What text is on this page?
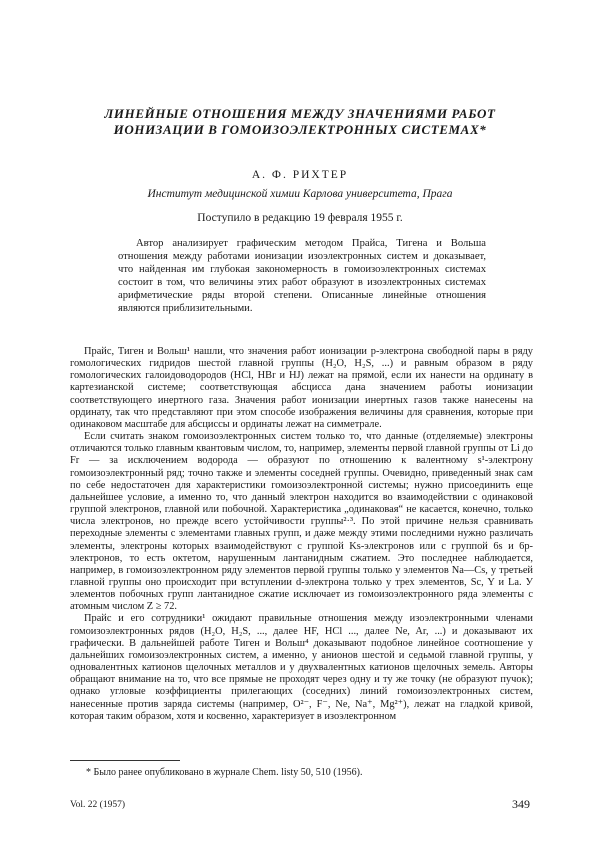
ЛИНЕЙНЫЕ ОТНОШЕНИЯ МЕЖДУ ЗНАЧЕНИЯМИ РАБОТ ИОНИЗАЦИИ В ГОМОИЗОЭЛЕКТРОННЫХ СИСТЕМАХ*
А. Ф. РИХТЕР
Институт медицинской химии Карлова университета, Прага
Поступило в редакцию 19 февраля 1955 г.
Автор анализирует графическим методом Прайса, Тигена и Вольша отношения между работами ионизации изоэлектронных систем и доказывает, что найденная им глубокая закономерность в гомоизоэлектронных системах состоит в том, что величины этих работ образуют в изоэлектронных системах арифметические ряды второй степени. Описанные линейные отношения являются приблизительными.

Прайс, Тиген и Вольш¹ нашли, что значения работ ионизации p-электрона свободной пары в ряду гомологических гидридов шестой главной группы (H₂O, H₂S, ...) и равным образом в ряду гомологических галоидоводородов (HCl, HBr и HJ) лежат на прямой, если их нанести на ординату в картезианской системе; соответствующая абсцисса дана значением работы ионизации соответствующего инертного газа. Значения работ ионизации инертных газов также нанесены на ординату, так что представляют при этом способе изображения величины для сравнения, которые при одинаковом масштабе для абсциссы и ординаты лежат на симметрале.

Если считать знаком гомоизоэлектронных систем только то, что данные (отделяемые) электроны отличаются только главным квантовым числом, то, например, элементы первой главной группы от Li до Fr — за исключением водорода — образуют по отношению к валентному s¹-электрону гомоизоэлектронный ряд; точно также и элементы соседней группы. Очевидно, приведенный знак сам по себе недостаточен для характеристики гомоизоэлектронной системы; нужно присоединить еще дальнейшее условие, а именно то, что данный электрон находится во взаимодействии с одинаковой группой электронов, главной или побочной. Характеристика „одинаковая“ не касается, конечно, только числа электронов, но прежде всего устойчивости группы²·³. По этой причине нельзя сравнивать переходные элементы с элементами главных групп, и даже между этими последними нужно различать элементы, электроны которых взаимодействуют с группой Ks-электронов или с группой 6s и 6p-электронов, то есть октетом, нарушенным лантанидным сжатием. Это последнее наблюдается, например, в гомоизоэлектронном ряду элементов первой группы только у элементов Na—Cs, у третьей главной группы оно происходит при вступлении d-электрона только у трех элементов, Sc, Y и La. У элементов побочных групп лантанидное сжатие исключает из гомоизоэлектронного ряда элементы с атомным числом Z ≥ 72.

Прайс и его сотрудники¹ ожидают правильные отношения между изоэлектронными членами гомоизоэлектронных рядов (H₂O, H₂S, ..., далее HF, HCl ..., далее Ne, Ar, ...) и доказывают их графически. В дальнейшей работе Тиген и Вольш⁴ доказывают подобное линейное соотношение у дальнейших гомоизоэлектронных систем, а именно, у анионов шестой и седьмой главной группы, у одновалентных катионов щелочных металлов и у двухвалентных катионов щелочных земель. Авторы обращают внимание на то, что все прямые не проходят через одну и ту же точку (не образуют пучок); однако угловые коэффициенты прилегающих (соседних) линий гомоизоэлектронных систем, нанесенные против заряда системы (например, O²⁻, F⁻, Ne, Na⁺, Mg²⁺), лежат на гладкой кривой, которая таким образом, хотя и косвенно, характеризует в изоэлектронном

* Было ранее опубликовано в журнале Chem. listy 50, 510 (1956).
Vol. 22 (1957)	349
